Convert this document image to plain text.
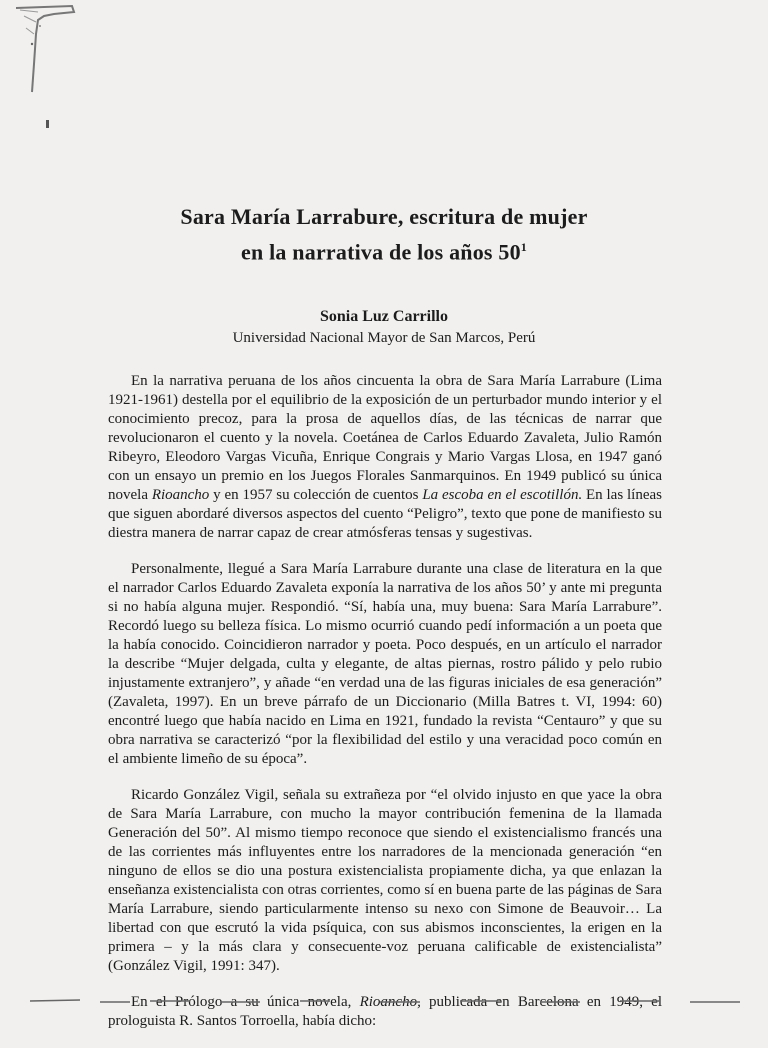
Sara María Larrabure, escritura de mujer
en la narrativa de los años $50^1$

Sonia Luz Carrillo

Universidad Nacional Mayor de San Marcos, Perú

En la narrativa peruana de los años cincuenta la obra de Sara María Larrabure (Lima 1921-1961) destella por el equilibrio de la exposición de un perturbador mundo interior y el conocimiento precoz, para la prosa de aquellos días, de las técnicas de narrar que revolucionaron el cuento y la novela. Coetánea de Carlos Eduardo Zavaleta, Julio Ramón Ribeyro, Eleodoro Vargas Vicuña, Enrique Congrais y Mario Vargas Llosa, en 1947 ganó con un ensayo un premio en los Juegos Florales Sanmarquinos. En 1949 publicó su única novela Rioancho y en 1957 su colección de cuentos La escoba en el escotillón. En las líneas que siguen abordaré diversos aspectos del cuento “Peligro”, texto que pone de manifiesto su diestra manera de narrar capaz de crear atmósferas tensas y sugestivas.

Personalmente, llegué a Sara María Larrabure durante una clase de literatura en la que el narrador Carlos Eduardo Zavaleta exponía la narrativa de los años 50’ y ante mi pregunta si no había alguna mujer. Respondió. “Sí, había una, muy buena: Sara María Larrabure”. Recordó luego su belleza física. Lo mismo ocurrió cuando pedí información a un poeta que la había conocido. Coincidieron narrador y poeta. Poco después, en un artículo el narrador la describe “Mujer delgada, culta y elegante, de altas piernas, rostro pálido y pelo rubio injustamente extranjero”, y añade “en verdad una de las figuras iniciales de esa generación” (Zavaleta, 1997). En un breve párrafo de un Diccionario (Milla Batres t. VI, 1994: 60) encontré luego que había nacido en Lima en 1921, fundado la revista “Centauro” y que su obra narrativa se caracterizó “por la flexibilidad del estilo y una veracidad poco común en el ambiente limeño de su época”.

Ricardo González Vigil, señala su extrañeza por “el olvido injusto en que yace la obra de Sara María Larrabure, con mucho la mayor contribución femenina de la llamada Generación del 50”. Al mismo tiempo reconoce que siendo el existencialismo francés una de las corrientes más influyentes entre los narradores de la mencionada generación “en ninguno de ellos se dio una postura existencialista propiamente dicha, ya que enlazan la enseñanza existencialista con otras corrientes, como sí en buena parte de las páginas de Sara María Larrabure, siendo particularmente intenso su nexo con Simone de Beauvoir… La libertad con que escrutó la vida psíquica, con sus abismos inconscientes, la erigen en la primera – y la más clara y consecuente-voz peruana calificable de existencialista” (González Vigil, 1991: 347).

En el Prólogo a su única novela, Rioancho, publicada en Barcelona en 1949, el prologuista R. Santos Torroella, había dicho:
